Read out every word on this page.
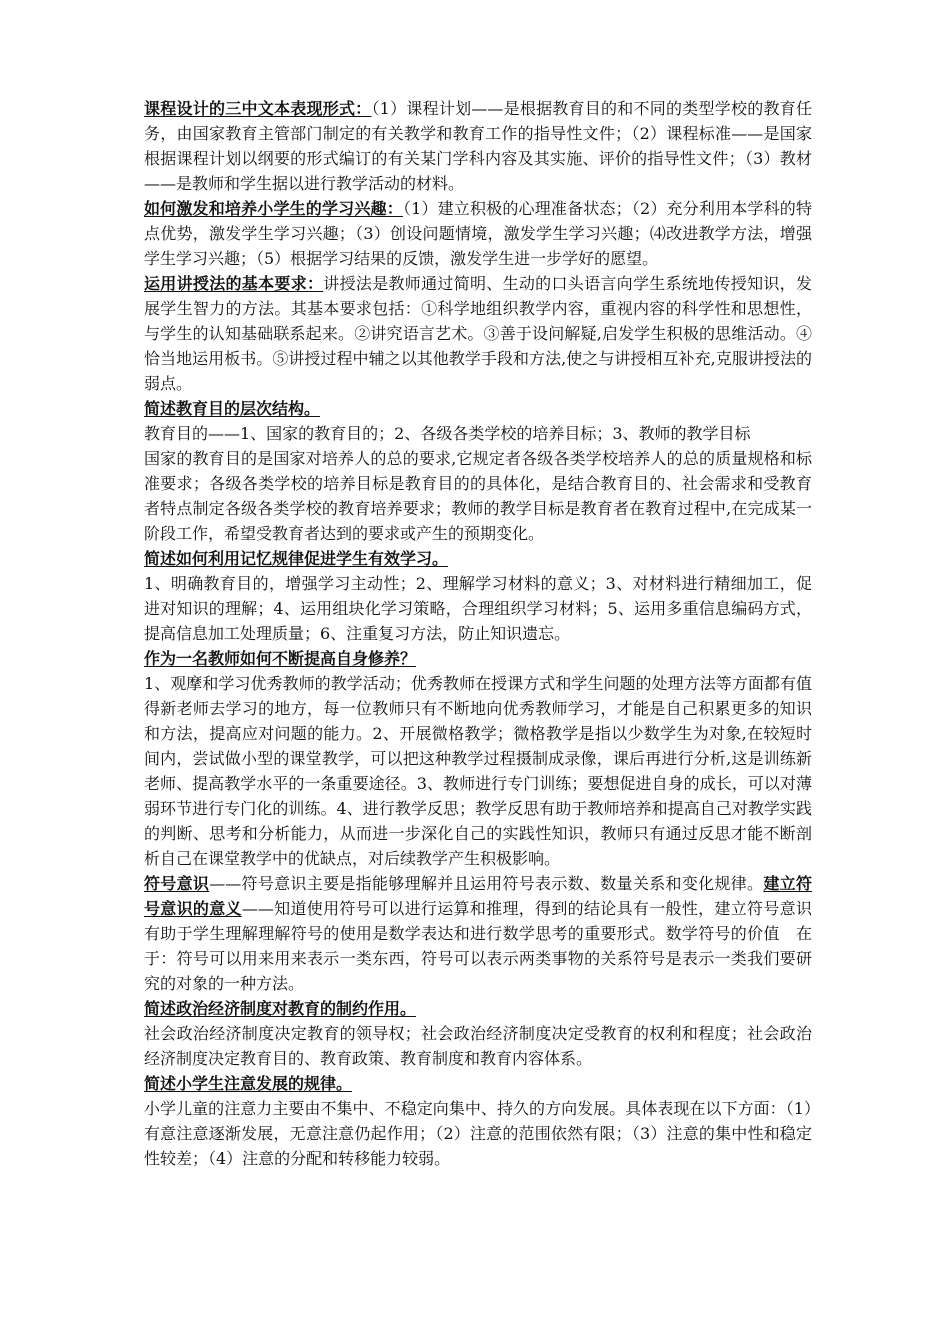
课程设计的三中文本表现形式：（1）课程计划——是根据教育目的和不同的类型学校的教育任务，由国家教育主管部门制定的有关教学和教育工作的指导性文件；（2）课程标准——是国家根据课程计划以纲要的形式编订的有关某门学科内容及其实施、评价的指导性文件；（3）教材——是教师和学生据以进行教学活动的材料。

如何激发和培养小学生的学习兴趣：（1）建立积极的心理准备状态；（2）充分利用本学科的特点优势，激发学生学习兴趣；（3）创设问题情境，激发学生学习兴趣；⑷改进教学方法，增强学生学习兴趣；（5）根据学习结果的反馈，激发学生进一步学好的愿望。

运用讲授法的基本要求：讲授法是教师通过简明、生动的口头语言向学生系统地传授知识，发展学生智力的方法。其基本要求包括：①科学地组织教学内容，重视内容的科学性和思想性，与学生的认知基础联系起来。②讲究语言艺术。③善于设问解疑,启发学生积极的思维活动。④恰当地运用板书。⑤讲授过程中辅之以其他教学手段和方法,使之与讲授相互补充,克服讲授法的弱点。

简述教育目的层次结构。

教育目的——1、国家的教育目的；2、各级各类学校的培养目标；3、教师的教学目标

国家的教育目的是国家对培养人的总的要求,它规定者各级各类学校培养人的总的质量规格和标准要求；各级各类学校的培养目标是教育目的的具体化，是结合教育目的、社会需求和受教育者特点制定各级各类学校的教育培养要求；教师的教学目标是教育者在教育过程中,在完成某一阶段工作，希望受教育者达到的要求或产生的预期变化。

简述如何利用记忆规律促进学生有效学习。

1、明确教育目的，增强学习主动性；2、理解学习材料的意义；3、对材料进行精细加工，促进对知识的理解；4、运用组块化学习策略，合理组织学习材料；5、运用多重信息编码方式，提高信息加工处理质量；6、注重复习方法，防止知识遗忘。

作为一名教师如何不断提高自身修养？

1、观摩和学习优秀教师的教学活动；优秀教师在授课方式和学生问题的处理方法等方面都有值得新老师去学习的地方，每一位教师只有不断地向优秀教师学习，才能是自己积累更多的知识和方法，提高应对问题的能力。2、开展微格教学；微格教学是指以少数学生为对象,在较短时间内，尝试做小型的课堂教学，可以把这种教学过程摄制成录像，课后再进行分析,这是训练新老师、提高教学水平的一条重要途径。3、教师进行专门训练；要想促进自身的成长，可以对薄弱环节进行专门化的训练。4、进行教学反思；教学反思有助于教师培养和提高自己对教学实践的判断、思考和分析能力，从而进一步深化自己的实践性知识，教师只有通过反思才能不断剖析自己在课堂教学中的优缺点，对后续教学产生积极影响。

符号意识——符号意识主要是指能够理解并且运用符号表示数、数量关系和变化规律。建立符号意识的意义——知道使用符号可以进行运算和推理，得到的结论具有一般性，建立符号意识有助于学生理解理解符号的使用是数学表达和进行数学思考的重要形式。数学符号的价值　在于：符号可以用来用来表示一类东西，符号可以表示两类事物的关系符号是表示一类我们要研究的对象的一种方法。

简述政治经济制度对教育的制约作用。

社会政治经济制度决定教育的领导权；社会政治经济制度决定受教育的权利和程度；社会政治经济制度决定教育目的、教育政策、教育制度和教育内容体系。

简述小学生注意发展的规律。

小学儿童的注意力主要由不集中、不稳定向集中、持久的方向发展。具体表现在以下方面：（1）有意注意逐渐发展，无意注意仍起作用；（2）注意的范围依然有限；（3）注意的集中性和稳定性较差；（4）注意的分配和转移能力较弱。
